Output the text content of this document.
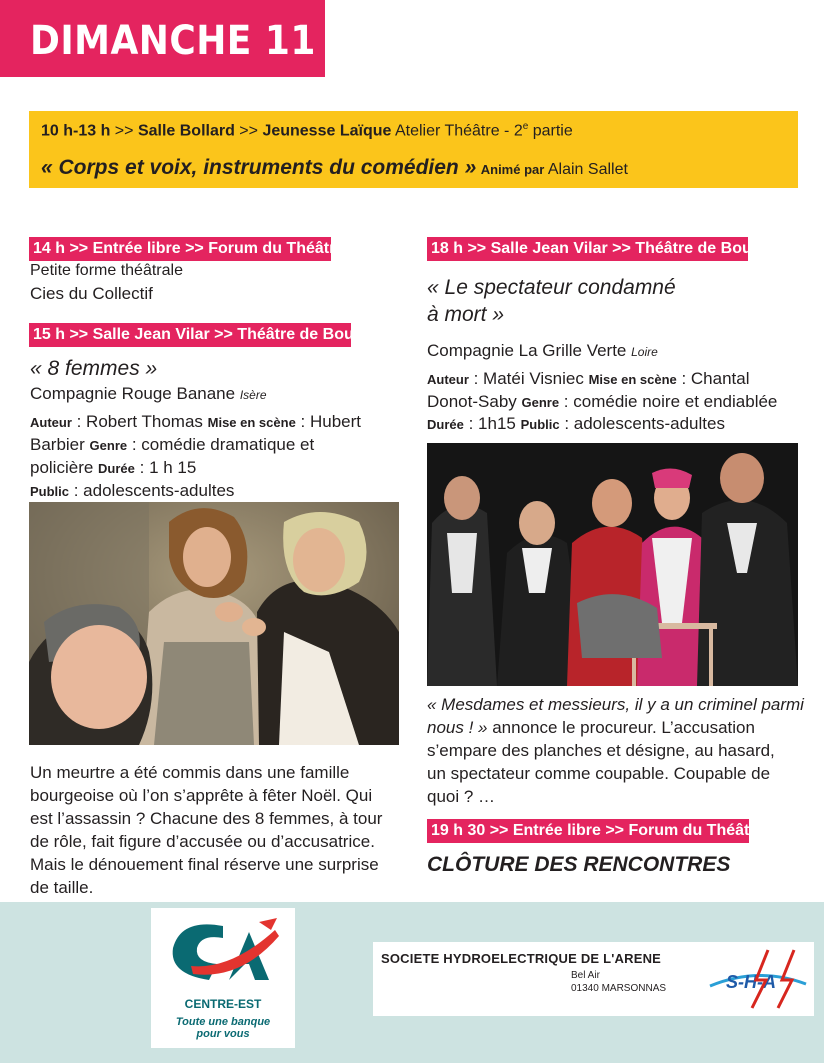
DIMANCHE 11
10 h-13 h >> Salle Bollard >> Jeunesse Laïque Atelier Théâtre - 2e partie
« Corps et voix, instruments du comédien » Animé par Alain Sallet
14 h >> Entrée libre >> Forum du Théâtre
Petite forme théâtrale
Cies du Collectif
15 h >> Salle Jean Vilar >> Théâtre de Bourg
« 8 femmes »
Compagnie Rouge Banane Isère
Auteur : Robert Thomas Mise en scène : Hubert
Barbier Genre : comédie dramatique et
policière Durée : 1 h 15
Public : adolescents-adultes
Un meurtre a été commis dans une famille
bourgeoise où l’on s’apprête à fêter Noël. Qui
est l’assassin ? Chacune des 8 femmes, à tour
de rôle, fait figure d’accusée ou d’accusatrice.
Mais le dénouement final réserve une surprise
de taille.
18 h >> Salle Jean Vilar >> Théâtre de Bourg
« Le spectateur condamné
à mort »
Compagnie La Grille Verte Loire
Auteur : Matéi Visniec Mise en scène : Chantal
Donot-Saby Genre : comédie noire et endiablée
Durée : 1h15 Public : adolescents-adultes
« Mesdames et messieurs, il y a un criminel parmi
nous ! » annonce le procureur. L’accusation
s’empare des planches et désigne, au hasard,
un spectateur comme coupable. Coupable de
quoi ? …
19 h 30 >> Entrée libre >> Forum du Théâtre
CLÔTURE DES RENCONTRES
CENTRE-EST
Toute une banque
pour vous
SOCIETE HYDROELECTRIQUE DE L'ARENE
Bel Air
01340 MARSONNAS	S-H-A
